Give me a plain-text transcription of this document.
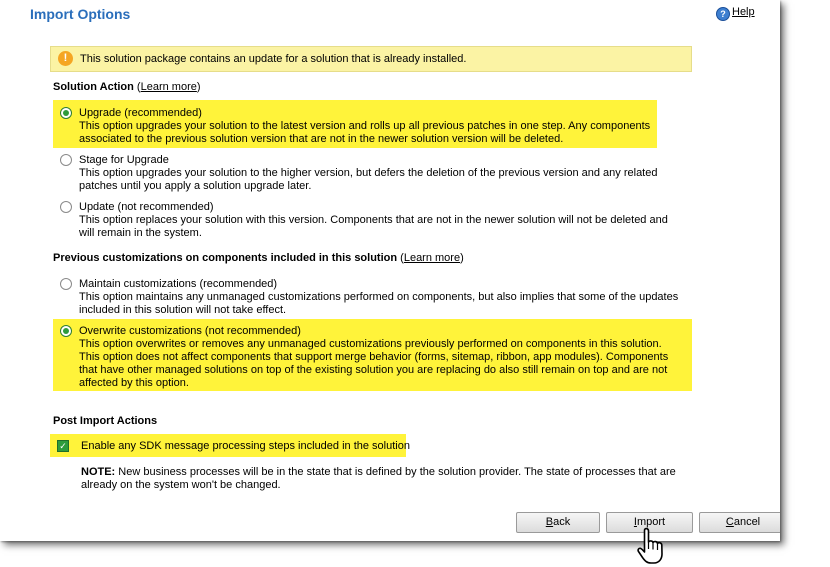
Import Options	? Help
!	This solution package contains an update for a solution that is already installed.
Solution Action (Learn more)
Upgrade (recommended)
This option upgrades your solution to the latest version and rolls up all previous patches in one step. Any components associated to the previous solution version that are not in the newer solution version will be deleted.
Stage for Upgrade
This option upgrades your solution to the higher version, but defers the deletion of the previous version and any related patches until you apply a solution upgrade later.
Update (not recommended)
This option replaces your solution with this version. Components that are not in the newer solution will not be deleted and will remain in the system.
Previous customizations on components included in this solution (Learn more)
Maintain customizations (recommended)
This option maintains any unmanaged customizations performed on components, but also implies that some of the updates included in this solution will not take effect.
Overwrite customizations (not recommended)
This option overwrites or removes any unmanaged customizations previously performed on components in this solution. This option does not affect components that support merge behavior (forms, sitemap, ribbon, app modules). Components that have other managed solutions on top of the existing solution you are replacing do also still remain on top and are not affected by this option.
Post Import Actions
✓ Enable any SDK message processing steps included in the solution
NOTE: New business processes will be in the state that is defined by the solution provider. The state of processes that are already on the system won't be changed.
Back	Import	Cancel
